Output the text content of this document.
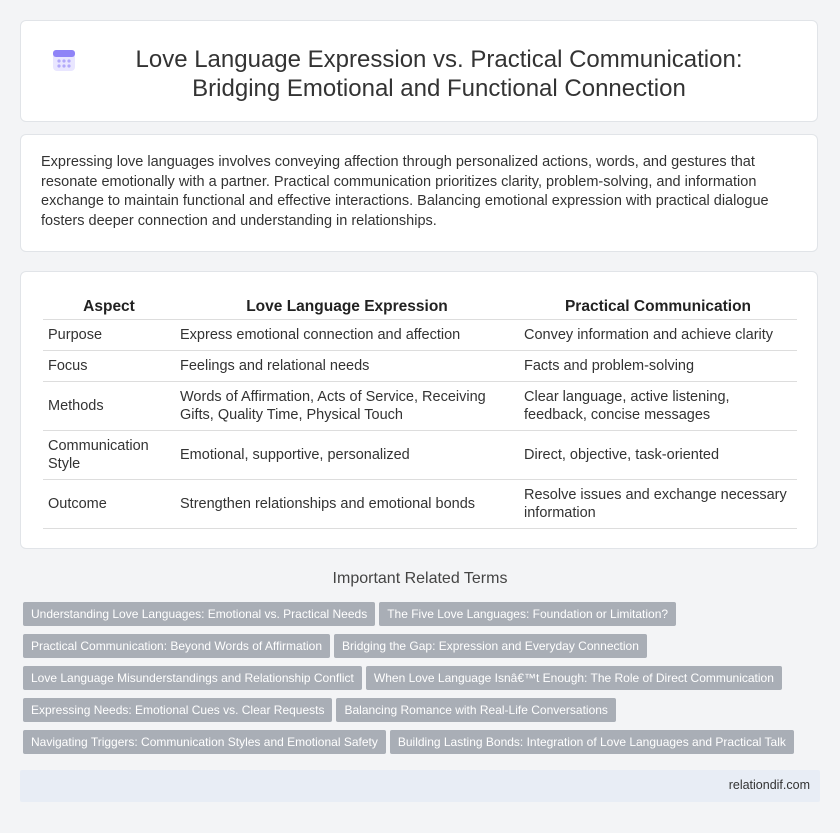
Love Language Expression vs. Practical Communication: Bridging Emotional and Functional Connection

Expressing love languages involves conveying affection through personalized actions, words, and gestures that resonate emotionally with a partner. Practical communication prioritizes clarity, problem-solving, and information exchange to maintain functional and effective interactions. Balancing emotional expression with practical dialogue fosters deeper connection and understanding in relationships.

Aspect	Love Language Expression	Practical Communication
Purpose	Express emotional connection and affection	Convey information and achieve clarity
Focus	Feelings and relational needs	Facts and problem-solving
Methods	Words of Affirmation, Acts of Service, Receiving Gifts, Quality Time, Physical Touch	Clear language, active listening, feedback, concise messages
Communication Style	Emotional, supportive, personalized	Direct, objective, task-oriented
Outcome	Strengthen relationships and emotional bonds	Resolve issues and exchange necessary information
Important Related Terms
Understanding Love Languages: Emotional vs. Practical Needs The Five Love Languages: Foundation or Limitation?
Practical Communication: Beyond Words of Affirmation Bridging the Gap: Expression and Everyday Connection
Love Language Misunderstandings and Relationship Conflict When Love Language Isnâ€™t Enough: The Role of Direct Communication
Expressing Needs: Emotional Cues vs. Clear Requests Balancing Romance with Real-Life Conversations
Navigating Triggers: Communication Styles and Emotional Safety Building Lasting Bonds: Integration of Love Languages and Practical Talk
relationdif.com
